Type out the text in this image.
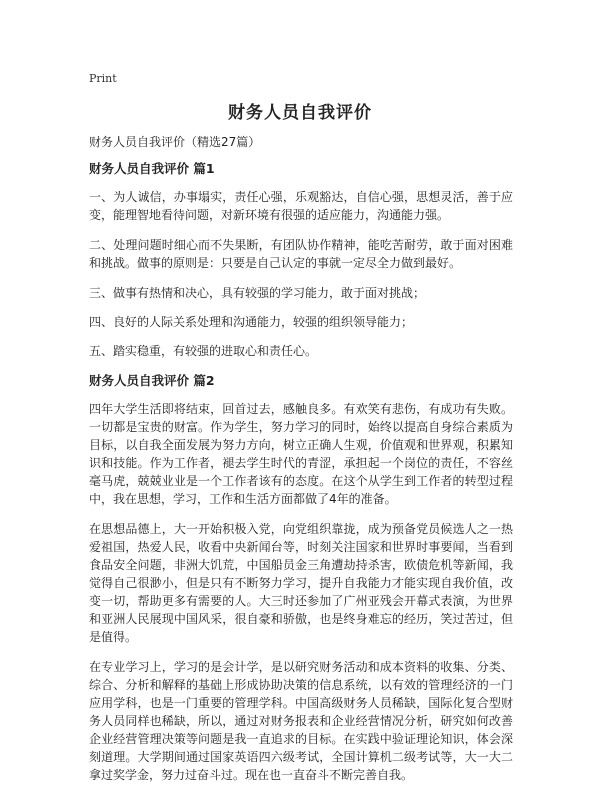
Print
财务人员自我评价

财务人员自我评价（精选27篇）

财务人员自我评价 篇1

一、为人诚信，办事塌实，责任心强，乐观豁达，自信心强，思想灵活，善于应变，能理智地看待问题，对新环境有很强的适应能力，沟通能力强。

二、处理问题时细心而不失果断，有团队协作精神，能吃苦耐劳，敢于面对困难和挑战。做事的原则是：只要是自己认定的事就一定尽全力做到最好。

三、做事有热情和决心，具有较强的学习能力，敢于面对挑战；

四、良好的人际关系处理和沟通能力，较强的组织领导能力；

五、踏实稳重，有较强的进取心和责任心。

财务人员自我评价 篇2

四年大学生活即将结束，回首过去，感触良多。有欢笑有悲伤，有成功有失败。一切都是宝贵的财富。作为学生，努力学习的同时，始终以提高自身综合素质为目标，以自我全面发展为努力方向，树立正确人生观，价值观和世界观，积累知识和技能。作为工作者，褪去学生时代的青涩，承担起一个岗位的责任，不容丝毫马虎，兢兢业业是一个工作者该有的态度。在这个从学生到工作者的转型过程中，我在思想，学习，工作和生活方面都做了4年的准备。

在思想品德上，大一开始积极入党，向党组织靠拢，成为预备党员候选人之一热爱祖国，热爱人民，收看中央新闻台等，时刻关注国家和世界时事要闻，当看到食品安全问题，非洲大饥荒，中国船员金三角遭劫持杀害，欧债危机等新闻，我觉得自己很渺小，但是只有不断努力学习，提升自我能力才能实现自我价值，改变一切，帮助更多有需要的人。大三时还参加了广州亚残会开幕式表演，为世界和亚洲人民展现中国风采，很自豪和骄傲，也是终身难忘的经历，笑过苦过，但是值得。

在专业学习上，学习的是会计学，是以研究财务活动和成本资料的收集、分类、综合、分析和解释的基础上形成协助决策的信息系统，以有效的管理经济的一门应用学科，也是一门重要的管理学科。中国高级财务人员稀缺，国际化复合型财务人员同样也稀缺，所以，通过对财务报表和企业经营情况分析，研究如何改善企业经营管理决策等问题是我一直追求的目标。在实践中验证理论知识，体会深刻道理。大学期间通过国家英语四六级考试，全国计算机二级考试等，大一大二拿过奖学金，努力过奋斗过。现在也一直奋斗不断完善自我。
